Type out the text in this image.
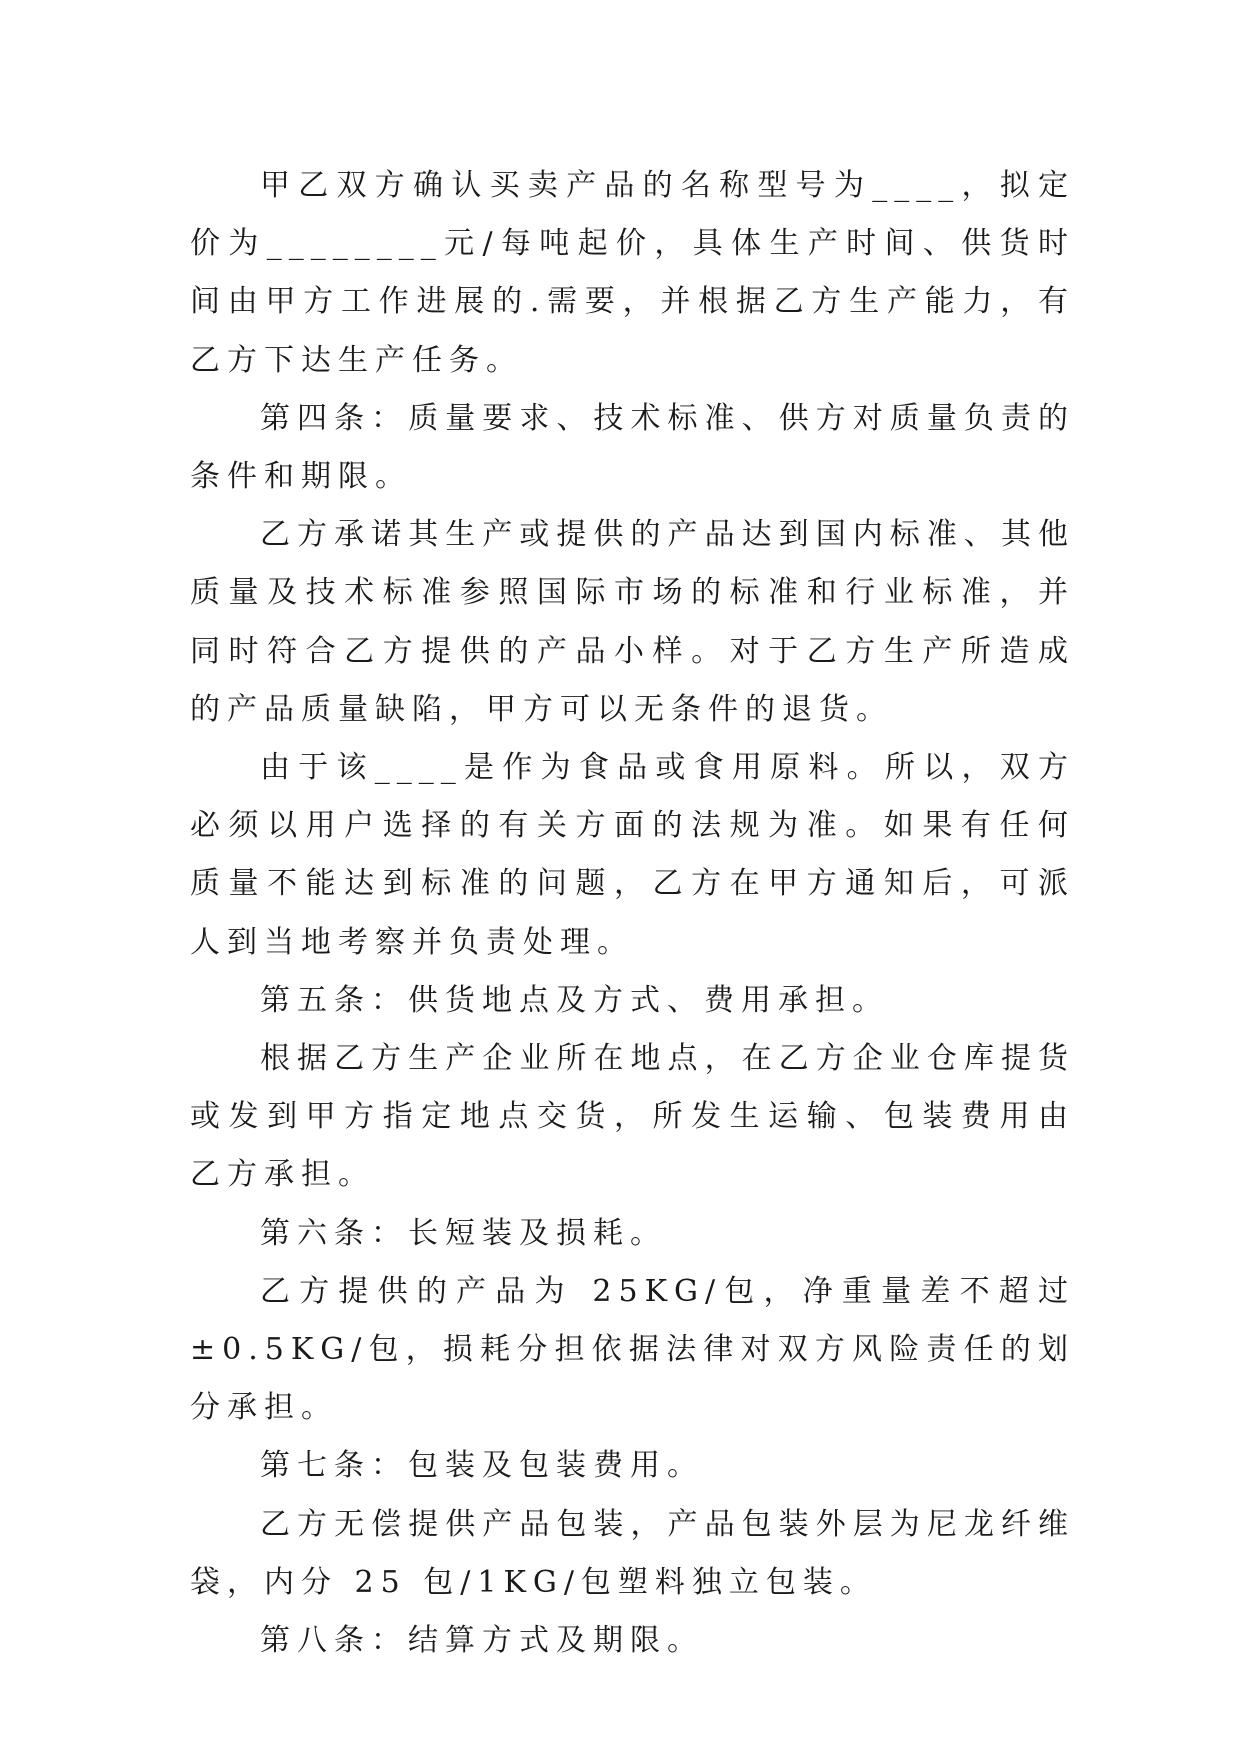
甲乙双方确认买卖产品的名称型号为____，拟定价为________元/每吨起价，具体生产时间、供货时间由甲方工作进展的.需要，并根据乙方生产能力，有乙方下达生产任务。

第四条：质量要求、技术标准、供方对质量负责的条件和期限。

乙方承诺其生产或提供的产品达到国内标准、其他质量及技术标准参照国际市场的标准和行业标准，并同时符合乙方提供的产品小样。对于乙方生产所造成的产品质量缺陷，甲方可以无条件的退货。

由于该____是作为食品或食用原料。所以，双方必须以用户选择的有关方面的法规为准。如果有任何质量不能达到标准的问题，乙方在甲方通知后，可派人到当地考察并负责处理。

第五条：供货地点及方式、费用承担。

根据乙方生产企业所在地点，在乙方企业仓库提货或发到甲方指定地点交货，所发生运输、包装费用由乙方承担。

第六条：长短装及损耗。

乙方提供的产品为 25KG/包，净重量差不超过±0.5KG/包，损耗分担依据法律对双方风险责任的划分承担。

第七条：包装及包装费用。

乙方无偿提供产品包装，产品包装外层为尼龙纤维袋，内分 25 包/1KG/包塑料独立包装。

第八条：结算方式及期限。
